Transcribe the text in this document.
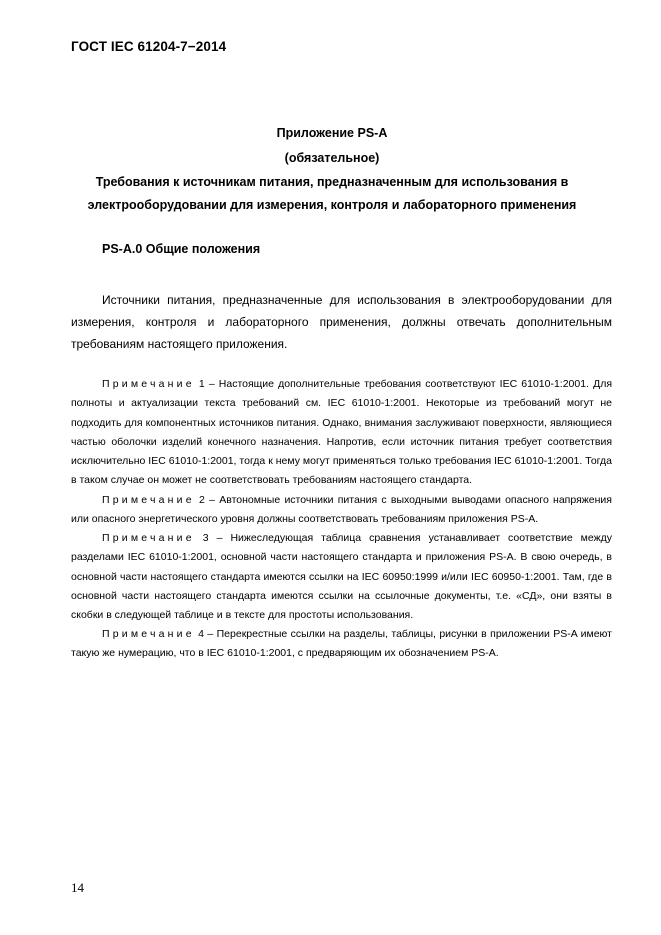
ГОСТ IEC 61204-7−2014
Приложение PS-A
(обязательное)
Требования к источникам питания, предназначенным для использования в
электрооборудовании для измерения, контроля и лабораторного применения
PS-A.0 Общие положения

Источники питания, предназначенные для использования в электрооборудовании для измерения, контроля и лабораторного применения, должны отвечать дополнительным требованиям настоящего приложения.

Примечание 1 – Настоящие дополнительные требования соответствуют IEC 61010-1:2001. Для полноты и актуализации текста требований см. IEC 61010-1:2001. Некоторые из требований могут не подходить для компонентных источников питания. Однако, внимания заслуживают поверхности, являющиеся частью оболочки изделий конечного назначения. Напротив, если источник питания требует соответствия исключительно IEC 61010-1:2001, тогда к нему могут применяться только требования IEC 61010-1:2001. Тогда в таком случае он может не соответствовать требованиям настоящего стандарта.

Примечание 2 – Автономные источники питания с выходными выводами опасного напряжения или опасного энергетического уровня должны соответствовать требованиям приложения PS-A.

Примечание 3 – Нижеследующая таблица сравнения устанавливает соответствие между разделами IEC 61010-1:2001, основной части настоящего стандарта и приложения PS-A. В свою очередь, в основной части настоящего стандарта имеются ссылки на IEC 60950:1999 и/или IEC 60950-1:2001. Там, где в основной части настоящего стандарта имеются ссылки на ссылочные документы, т.е. «СД», они взяты в скобки в следующей таблице и в тексте для простоты использования.

Примечание 4 – Перекрестные ссылки на разделы, таблицы, рисунки в приложении PS-A имеют такую же нумерацию, что в IEC 61010-1:2001, с предваряющим их обозначением PS-A.

14
